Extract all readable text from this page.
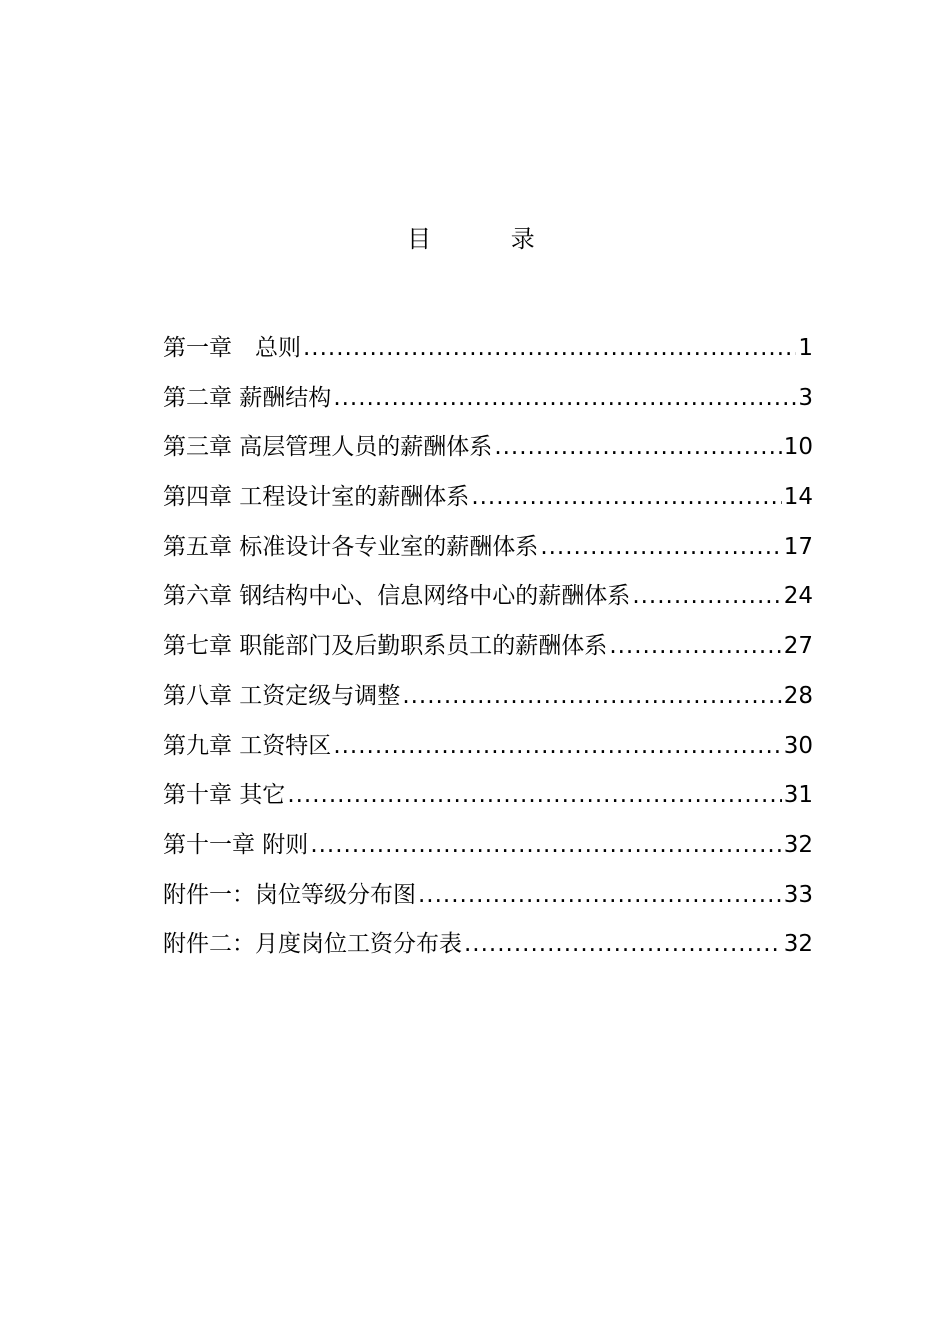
目 录
第一章　总则 .....	1
第二章 薪酬结构 .....	3
第三章 高层管理人员的薪酬体系 .....	10
第四章 工程设计室的薪酬体系 .....	14
第五章 标准设计各专业室的薪酬体系 .....	17
第六章 钢结构中心、信息网络中心的薪酬体系 .....	24
第七章 职能部门及后勤职系员工的薪酬体系 .....	27
第八章 工资定级与调整 .....	28
第九章 工资特区 .....	30
第十章 其它 .....	31
第十一章 附则 .....	32
附件一：岗位等级分布图 .....	33
附件二：月度岗位工资分布表 .....	32
